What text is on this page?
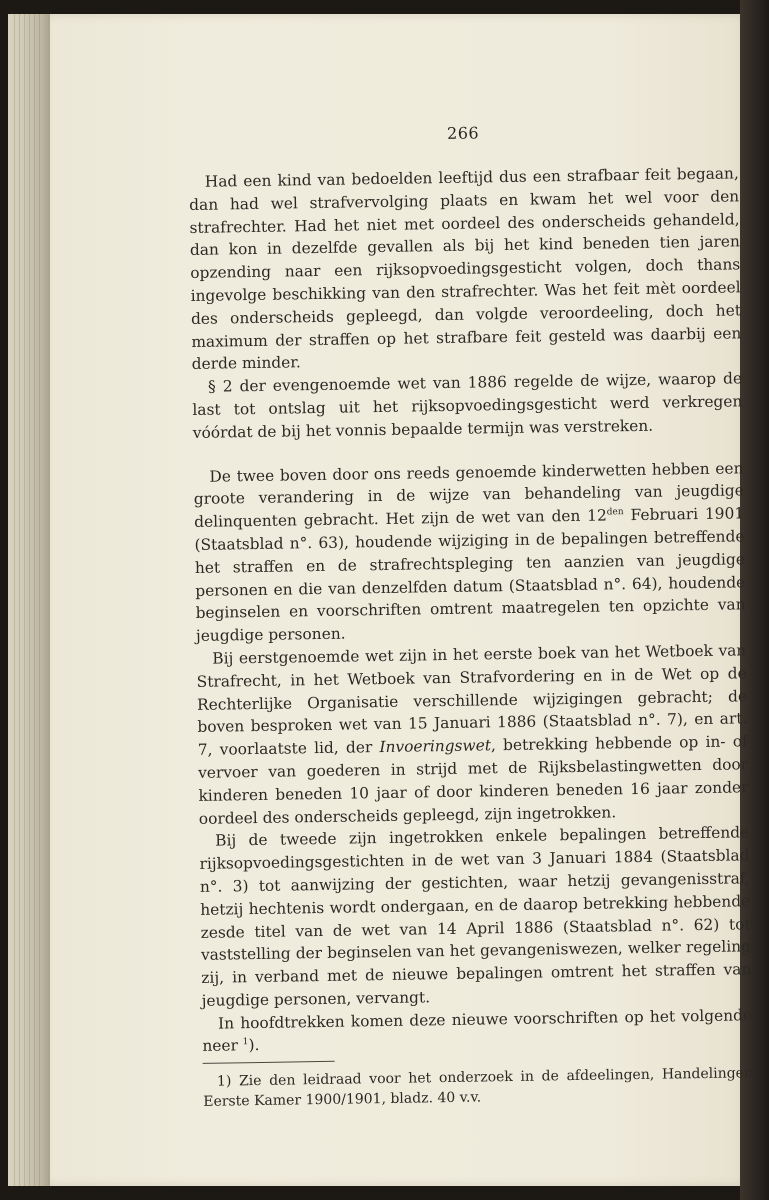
266

Had een kind van bedoelden leeftijd dus een strafbaar feit begaan, dan had wel strafvervolging plaats en kwam het wel voor den strafrechter. Had het niet met oordeel des onderscheids gehandeld, dan kon in dezelfde gevallen als bij het kind beneden tien jaren opzending naar een rijksopvoedingsgesticht volgen, doch thans ingevolge beschikking van den strafrechter. Was het feit mèt oordeel des onderscheids gepleegd, dan volgde veroordeeling, doch het maximum der straffen op het strafbare feit gesteld was daarbij een derde minder.

§ 2 der evengenoemde wet van 1886 regelde de wijze, waarop de last tot ontslag uit het rijksopvoedingsgesticht werd verkregen vóórdat de bij het vonnis bepaalde termijn was verstreken.

De twee boven door ons reeds genoemde kinderwetten hebben een groote verandering in de wijze van behandeling van jeugdige delinquenten gebracht. Het zijn de wet van den $12^{den}$ Februari 1901 (Staatsblad n°. 63), houdende wijziging in de bepalingen betreffende het straffen en de strafrechtspleging ten aanzien van jeugdige personen en die van denzelfden datum (Staatsblad n°. 64), houdende beginselen en voorschriften omtrent maatregelen ten opzichte van jeugdige personen.

Bij eerstgenoemde wet zijn in het eerste boek van het Wetboek van Strafrecht, in het Wetboek van Strafvordering en in de Wet op de Rechterlijke Organisatie verschillende wijzigingen gebracht; de boven besproken wet van 15 Januari 1886 (Staatsblad n°. 7), en art. 7, voorlaatste lid, der Invoeringswet, betrekking hebbende op in- of vervoer van goederen in strijd met de Rijksbelastingwetten door kinderen beneden 10 jaar of door kinderen beneden 16 jaar zonder oordeel des onderscheids gepleegd, zijn ingetrokken.

Bij de tweede zijn ingetrokken enkele bepalingen betreffende rijksopvoedingsgestichten in de wet van 3 Januari 1884 (Staatsblad n°. 3) tot aanwijzing der gestichten, waar hetzij gevangenisstraf, hetzij hechtenis wordt ondergaan, en de daarop betrekking hebbende zesde titel van de wet van 14 April 1886 (Staatsblad n°. 62) tot vaststelling der beginselen van het gevangeniswezen, welker regeling zij, in verband met de nieuwe bepalingen omtrent het straffen van jeugdige personen, vervangt.

In hoofdtrekken komen deze nieuwe voorschriften op het volgende neer $^1$).

1) Zie den leidraad voor het onderzoek in de afdeelingen, Handelingen Eerste Kamer 1900/1901, bladz. 40 v.v.
